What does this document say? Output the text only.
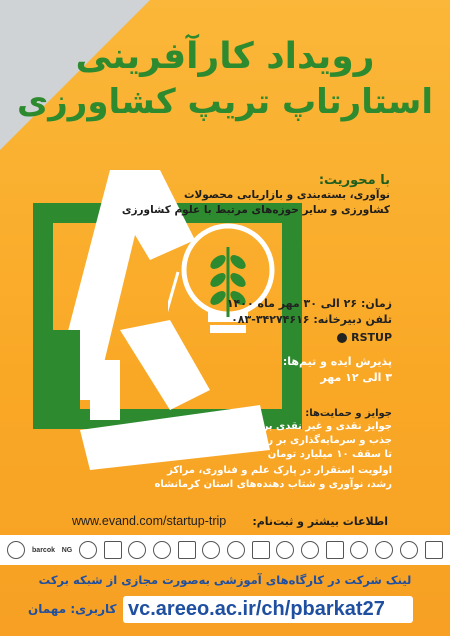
رویداد کارآفرینی
استارتاپ تریپ کشاورزی
با محوریت:
نوآوری، بسته‌بندی و بازاریابی محصولات
کشاورزی و سایر حوزه‌های مرتبط با علوم کشاورزی
زمان: ۲۶ الی ۳۰ مهر ماه ۱۴۰۰
تلفن دبیرخانه: ۳۴۲۷۴۶۱۶-۰۸۳
RSTUP
پذیرش ایده و تیم‌ها:
۳ الی ۱۲ مهر
جوایز و حمایت‌ها:
جوایز نقدی و غیر نقدی برای ۳ تیم برتر
جذب و سرمایه‌گذاری بر روی ایده‌های برتر
تا سقف ۱۰ میلیارد تومان
اولویت استقرار در پارک علم و فناوری، مراکز
رشد، نوآوری و شتاب دهنده‌های استان کرمانشاه
www.evand.com/startup-trip اطلاعات بیشتر و ثبت‌نام:
barcok NG
لینک شرکت در کارگاه‌های آموزشی به‌صورت مجازی از شبکه برکت
vc.areeo.ac.ir/ch/pbarkat27
کاربری: مهمان
